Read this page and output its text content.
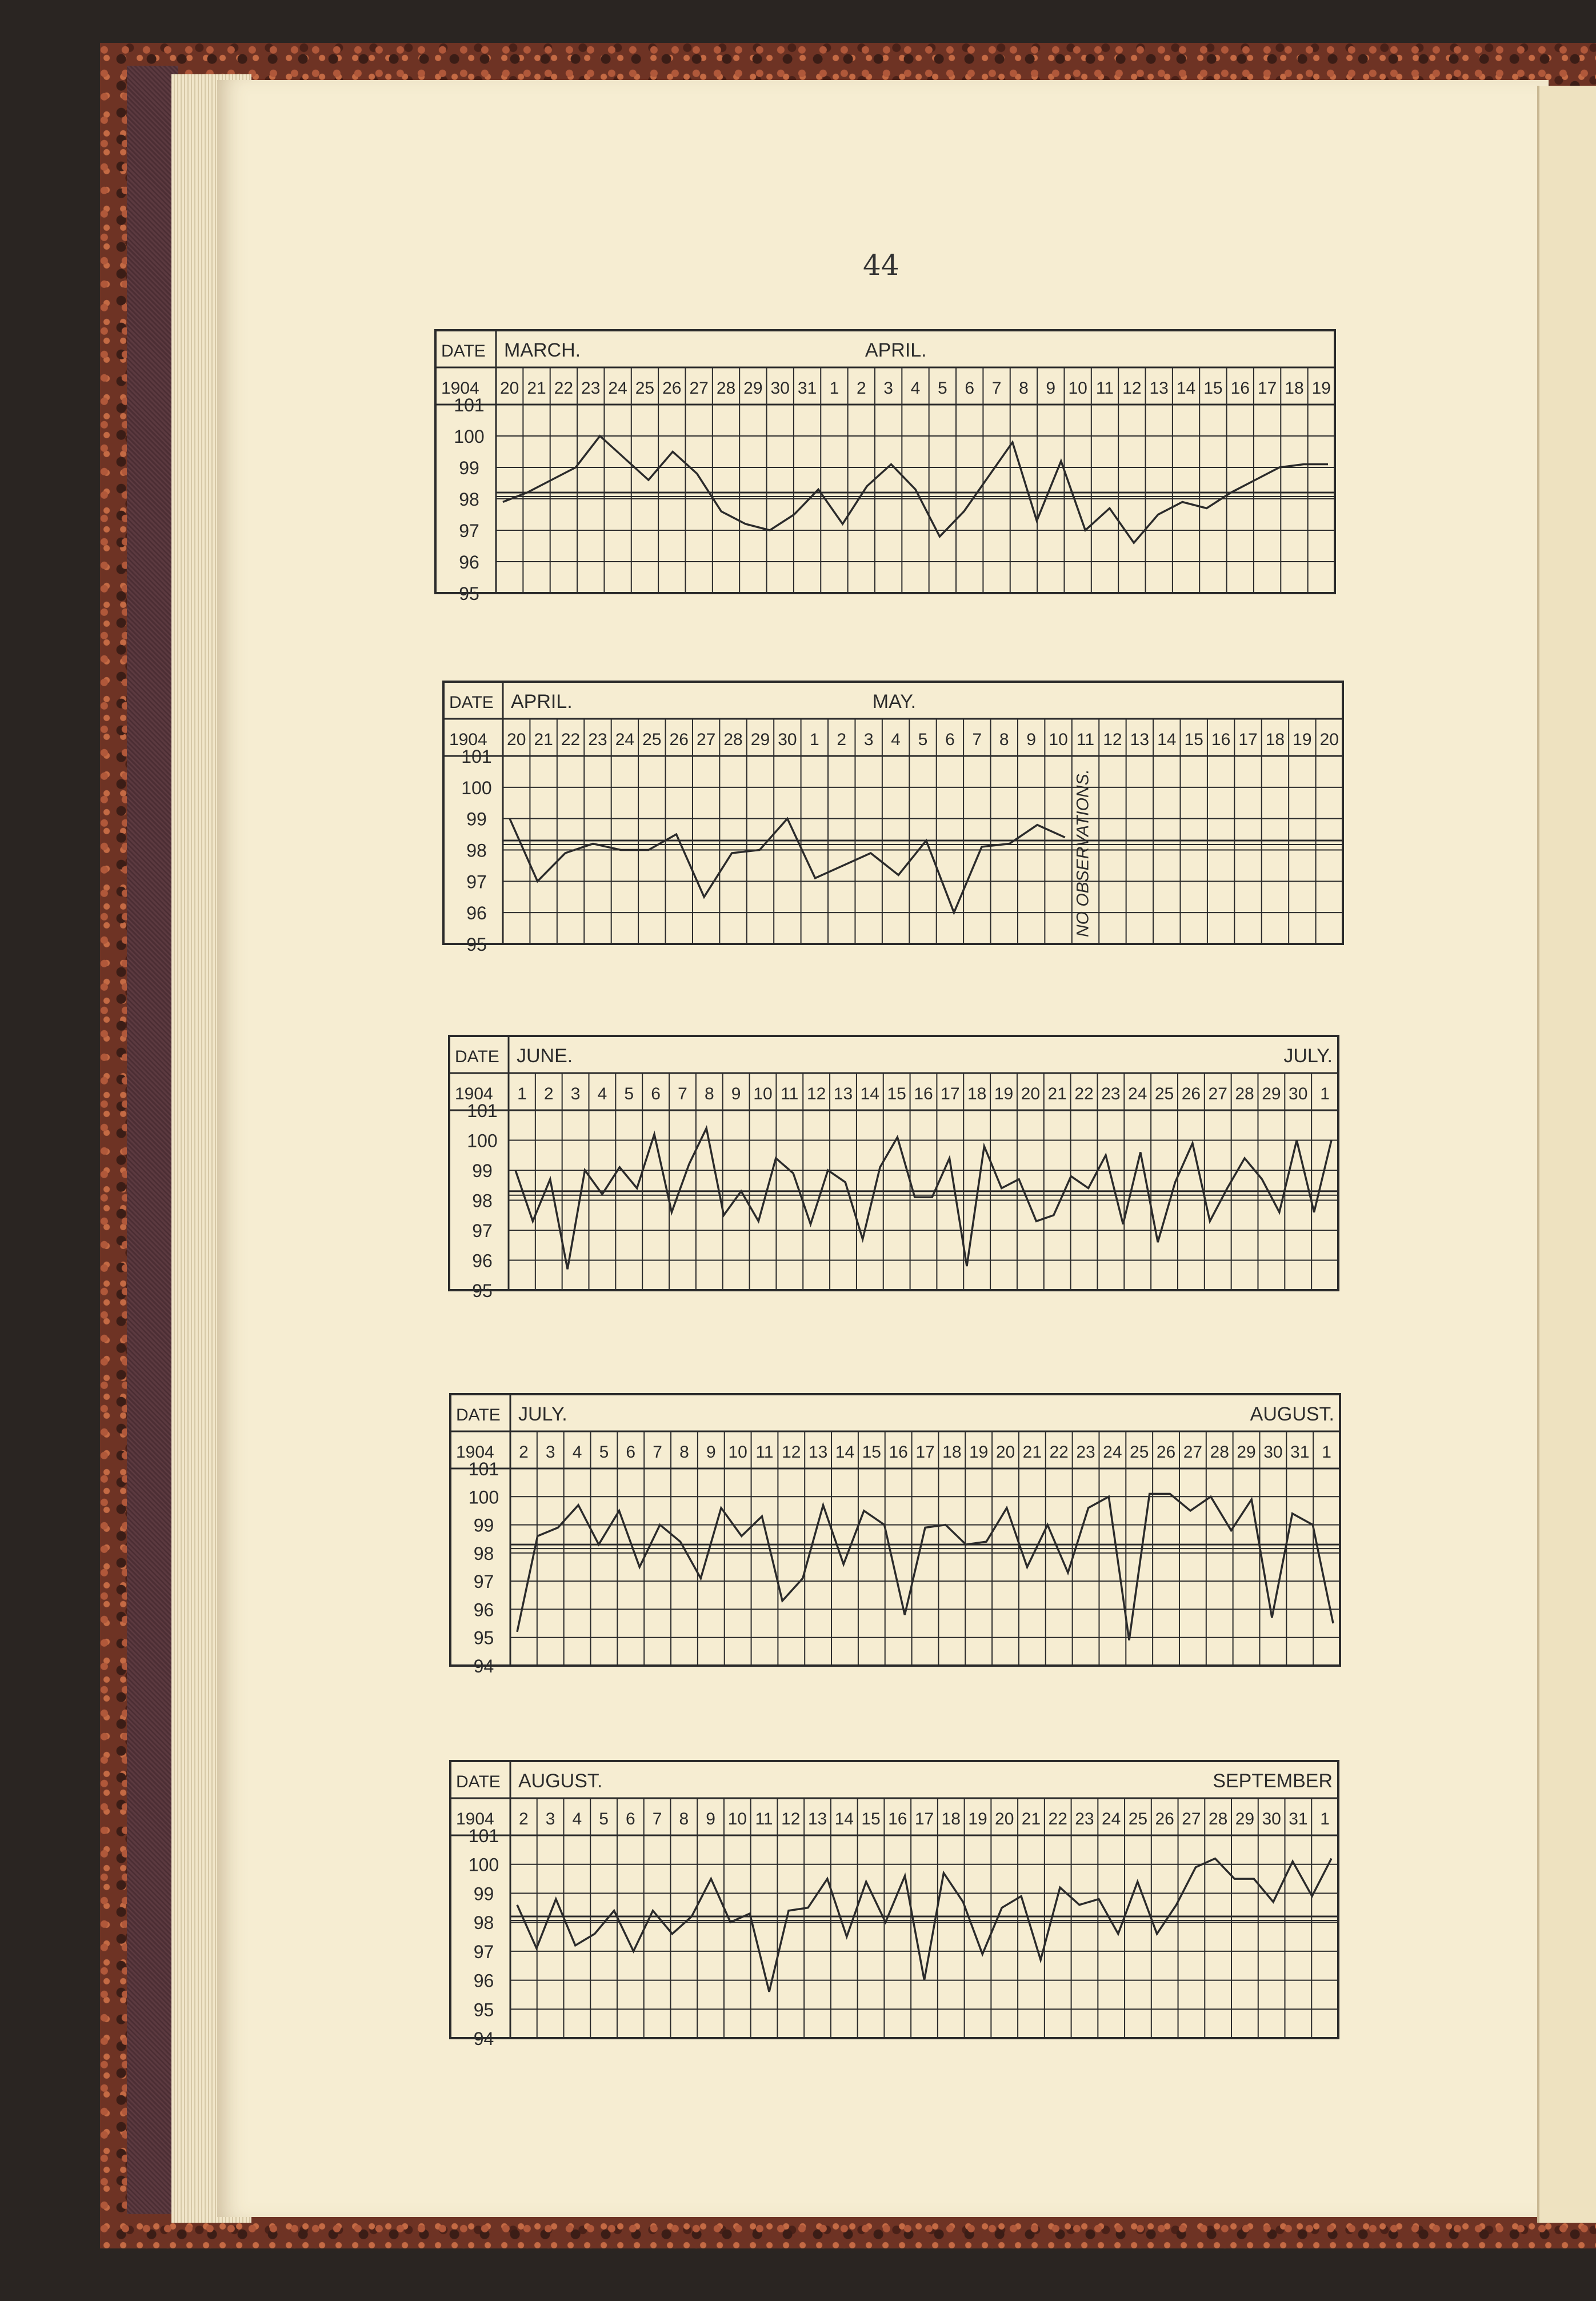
44
DATE
1904
MARCH.	APRIL.
20 21 22 23 24 25 26 27 28 29 30 31 1 2 3 4 5 6 7 8 9 10 11 12 13 14 15 16 17 18 19
101
100
99
98
97
96
95
DATE
1904
APRIL.	MAY.
20 21 22 23 24 25 26 27 28 29 30 1 2 3 4 5 6 7 8 9 10 11 12 13 14 15 16 17 18 19 20
101
100
99
98
97
96
95
NO OBSERVATIONS.
DATE
1904
JUNE.	JULY.
1 2 3 4 5 6 7 8 9 10 11 12 13 14 15 16 17 18 19 20 21 22 23 24 25 26 27 28 29 30 1
101
100
99
98
97
96
95
DATE
1904
JULY.	AUGUST.
2 3 4 5 6 7 8 9 10 11 12 13 14 15 16 17 18 19 20 21 22 23 24 25 26 27 28 29 30 31 1
101
100
99
98
97
96
95
94
DATE
1904
AUGUST.	SEPTEMBER
2 3 4 5 6 7 8 9 10 11 12 13 14 15 16 17 18 19 20 21 22 23 24 25 26 27 28 29 30 31 1
101
100
99
98
97
96
95
94
